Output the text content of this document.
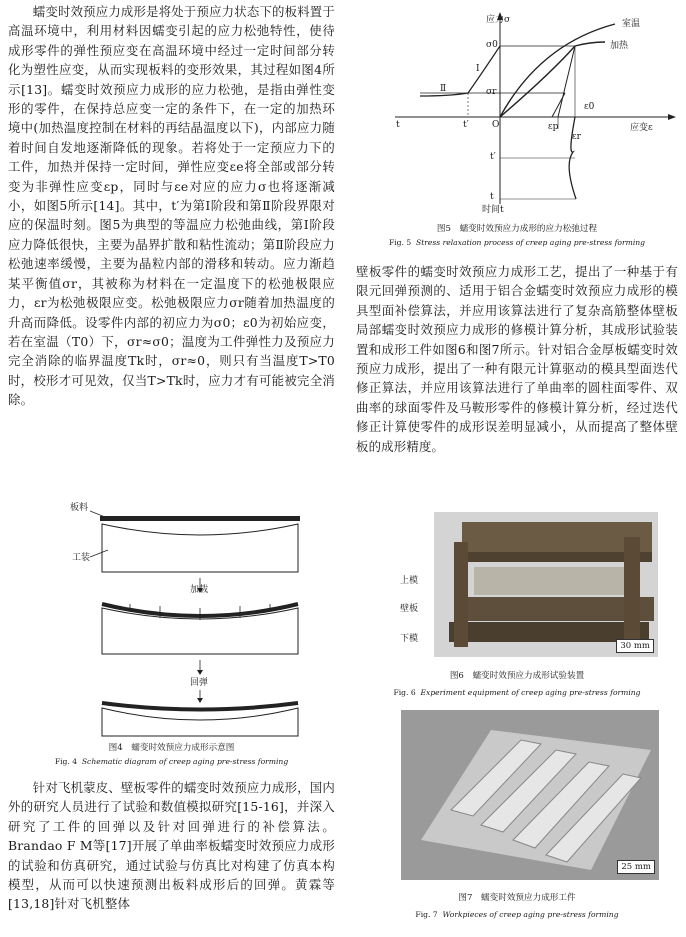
蠕变时效预应力成形是将处于预应力状态下的板料置于高温环境中，利用材料因蠕变引起的应力松弛特性，使待成形零件的弹性预应变在高温环境中经过一定时间部分转化为塑性应变，从而实现板料的变形效果，其过程如图4所示[13]。蠕变时效预应力成形的应力松弛，是指由弹性变形的零件，在保持总应变一定的条件下，在一定的加热环境中(加热温度控制在材料的再结晶温度以下)，内部应力随着时间自发地逐渐降低的现象。若将处于一定预应力下的工件，加热并保持一定时间，弹性应变εe将全部或部分转变为非弹性应变εp，同时与εe对应的应力σ也将逐渐减小，如图5所示[14]。其中，t′为第Ⅰ阶段和第Ⅱ阶段界限对应的保温时刻。图5为典型的等温应力松弛曲线，第Ⅰ阶段应力降低很快，主要为晶界扩散和粘性流动；第Ⅱ阶段应力松弛速率缓慢，主要为晶粒内部的滑移和转动。应力渐趋某平衡值σr，其被称为材料在一定温度下的松弛极限应力，εr为松弛极限应变。松弛极限应力σr随着加热温度的升高而降低。设零件内部的初应力为σ0；ε0为初始应变，若在室温（T0）下，σr≈σ0；温度为工件弹性力及预应力完全消除的临界温度Tk时，σr≈0，则只有当温度T>T0时，校形才可见效，仅当T>Tk时，应力才有可能被完全消除。

板料
工装
加载
回弹
图4　蠕变时效预应力成形示意图
Fig. 4 Schematic diagram of creep aging pre-stress forming

针对飞机蒙皮、壁板零件的蠕变时效预应力成形，国内外的研究人员进行了试验和数值模拟研究[15-16]，并深入研究了工件的回弹以及针对回弹进行的补偿算法。Brandao F M等[17]开展了单曲率板蠕变时效预应力成形的试验和仿真研究，通过试验与仿真比对构建了仿真本构模型，从而可以快速预测出板料成形后的回弹。黄霖等[13,18]针对飞机整体

应力σ
应变ε
时间t
室温
加热
σ0
σr
Ⅰ
Ⅱ
t	t′	O	εp
εr
ε0
t′
t
图5　蠕变时效预应力成形的应力松弛过程
Fig. 5 Stress relaxation process of creep aging pre-stress forming

壁板零件的蠕变时效预应力成形工艺，提出了一种基于有限元回弹预测的、适用于铝合金蠕变时效预应力成形的模具型面补偿算法，并应用该算法进行了复杂高筋整体壁板局部蠕变时效预应力成形的修模计算分析，其成形试验装置和成形工件如图6和图7所示。针对铝合金厚板蠕变时效预应力成形，提出了一种有限元计算驱动的模具型面迭代修正算法，并应用该算法进行了单曲率的圆柱面零件、双曲率的球面零件及马鞍形零件的修模计算分析，经过迭代修正计算使零件的成形误差明显减小，从而提高了整体壁板的成形精度。

30 mm
上模
壁板
下模
图6　蠕变时效预应力成形试验装置
Fig. 6 Experiment equipment of creep aging pre-stress forming
25 mm
图7　蠕变时效预应力成形工件
Fig. 7 Workpieces of creep aging pre-stress forming
